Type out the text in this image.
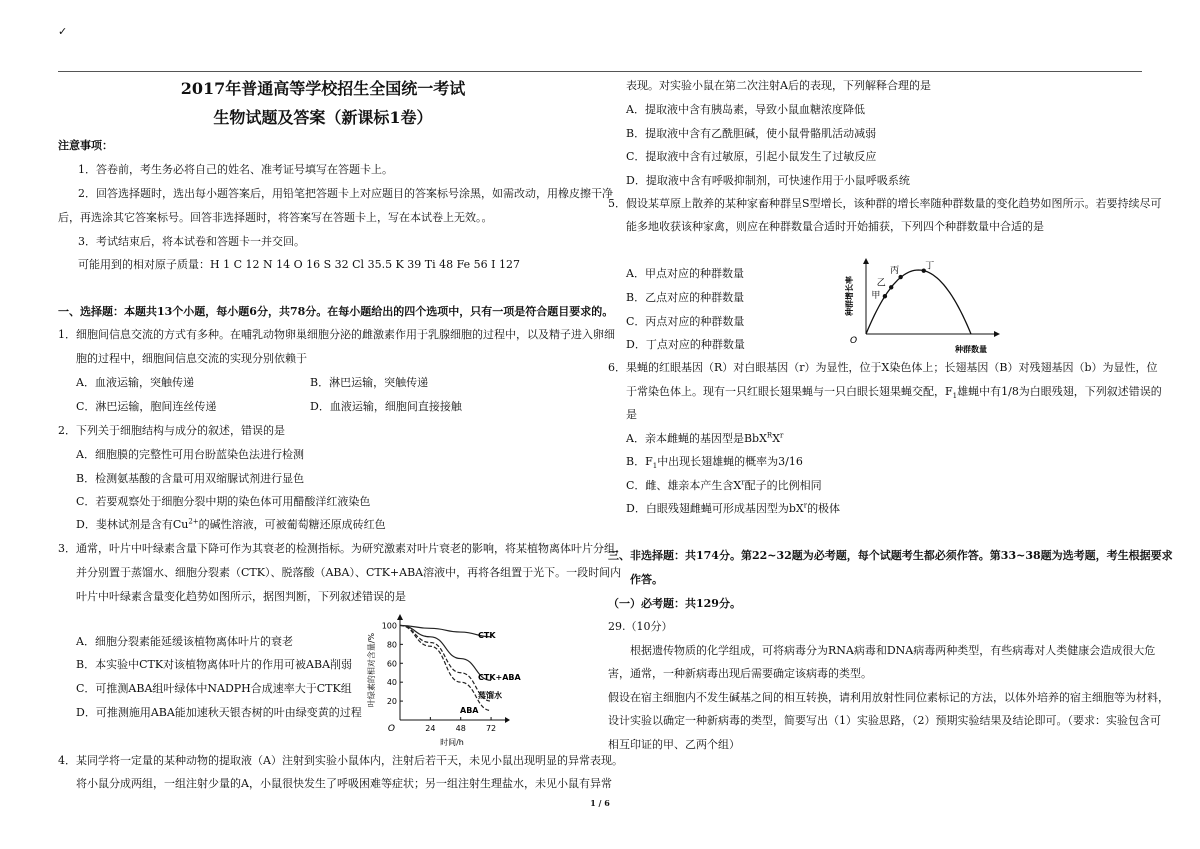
✓
2017年普通高等学校招生全国统一考试
生物试题及答案（新课标1卷）
注意事项：
1．答卷前，考生务必将自己的姓名、准考证号填写在答题卡上。
2．回答选择题时，选出每小题答案后，用铅笔把答题卡上对应题目的答案标号涂黑，如需改动，用橡皮擦干净
后，再选涂其它答案标号。回答非选择题时，将答案写在答题卡上，写在本试卷上无效。。
3．考试结束后，将本试卷和答题卡一并交回。
可能用到的相对原子质量：H 1 C 12 N 14 O 16 S 32 Cl 35.5 K 39 Ti 48 Fe 56 I 127
一、选择题：本题共13个小题，每小题6分，共78分。在每小题给出的四个选项中，只有一项是符合题目要求的。
1．细胞间信息交流的方式有多种。在哺乳动物卵巢细胞分泌的雌激素作用于乳腺细胞的过程中，以及精子进入卵细
胞的过程中，细胞间信息交流的实现分别依赖于
A．血液运输，突触传递	B．淋巴运输，突触传递
C．淋巴运输，胞间连丝传递	D．血液运输，细胞间直接接触
2．下列关于细胞结构与成分的叙述，错误的是
A．细胞膜的完整性可用台盼蓝染色法进行检测
B．检测氨基酸的含量可用双缩脲试剂进行显色
C．若要观察处于细胞分裂中期的染色体可用醋酸洋红液染色
D．斐林试剂是含有$Cu^{2+}$的碱性溶液，可被葡萄糖还原成砖红色
3．通常，叶片中叶绿素含量下降可作为其衰老的检测指标。为研究激素对叶片衰老的影响，将某植物离体叶片分组，
并分别置于蒸馏水、细胞分裂素（CTK）、脱落酸（ABA）、CTK+ABA溶液中，再将各组置于光下。一段时间内
叶片中叶绿素含量变化趋势如图所示，据图判断，下列叙述错误的是
A．细胞分裂素能延缓该植物离体叶片的衰老
B．本实验中CTK对该植物离体叶片的作用可被ABA削弱
C．可推测ABA组叶绿体中NADPH合成速率大于CTK组
D．可推测施用ABA能加速秋天银杏树的叶由绿变黄的过程
100
80
60
40
20
24	48	72
O
时间/h
叶绿素的相对含量/%	CTK
CTK+ABA
蒸馏水
ABA
4．某同学将一定量的某种动物的提取液（A）注射到实验小鼠体内，注射后若干天，未见小鼠出现明显的异常表现。
将小鼠分成两组，一组注射少量的A，小鼠很快发生了呼吸困难等症状；另一组注射生理盐水，未见小鼠有异常
表现。对实验小鼠在第二次注射A后的表现，下列解释合理的是
A．提取液中含有胰岛素，导致小鼠血糖浓度降低
B．提取液中含有乙酰胆碱，使小鼠骨骼肌活动减弱
C．提取液中含有过敏原，引起小鼠发生了过敏反应
D．提取液中含有呼吸抑制剂，可快速作用于小鼠呼吸系统
5．假设某草原上散养的某种家畜种群呈S型增长，该种群的增长率随种群数量的变化趋势如图所示。若要持续尽可
能多地收获该种家禽，则应在种群数量合适时开始捕获，下列四个种群数量中合适的是
A．甲点对应的种群数量
B．乙点对应的种群数量
C．丙点对应的种群数量
D．丁点对应的种群数量	O
种群数量
种群增长率 甲
乙
丙	丁
6．果蝇的红眼基因（R）对白眼基因（r）为显性，位于X染色体上；长翅基因（B）对残翅基因（b）为显性，位
于常染色体上。现有一只红眼长翅果蝇与一只白眼长翅果蝇交配，$F_1$雄蝇中有1/8为白眼残翅，下列叙述错误的
是
A．亲本雌蝇的基因型是$BbX^RX^r$
B．$F_1$中出现长翅雄蝇的概率为3/16
C．雌、雄亲本产生含$X^r$配子的比例相同
D．白眼残翅雌蝇可形成基因型为$bX^r$的极体
三、非选择题：共174分。第22~32题为必考题，每个试题考生都必须作答。第33~38题为选考题，考生根据要求
作答。
（一）必考题：共129分。
29.（10分）
根据遗传物质的化学组成，可将病毒分为RNA病毒和DNA病毒两种类型，有些病毒对人类健康会造成很大危
害，通常，一种新病毒出现后需要确定该病毒的类型。
假设在宿主细胞内不发生碱基之间的相互转换，请利用放射性同位素标记的方法，以体外培养的宿主细胞等为材料，
设计实验以确定一种新病毒的类型，简要写出（1）实验思路，（2）预期实验结果及结论即可。（要求：实验包含可
相互印证的甲、乙两个组）
1 / 6
